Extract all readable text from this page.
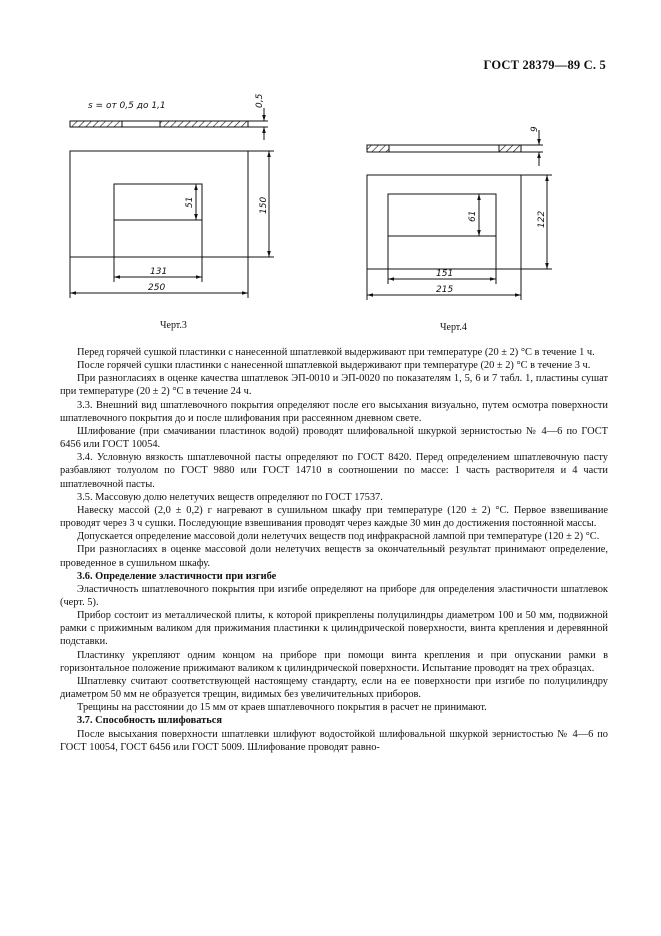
ГОСТ 28379—89 С. 5
s = от 0,5 до 1,1	0,5
51	150
131
250
Черт.3
9
61	122
151
215
Черт.4

Перед горячей сушкой пластинки с нанесенной шпатлевкой выдерживают при температуре (20 ± 2) °С в течение 1 ч.

После горячей сушки пластинки с нанесенной шпатлевкой выдерживают при температуре (20 ± 2) °С в течение 3 ч.

При разногласиях в оценке качества шпатлевок ЭП-0010 и ЭП-0020 по показателям 1, 5, 6 и 7 табл. 1, пластины сушат при температуре (20 ± 2) °С в течение 24 ч.

3.3. Внешний вид шпатлевочного покрытия определяют после его высыхания визуально, путем осмотра поверхности шпатлевочного покрытия до и после шлифования при рассеянном дневном свете.

Шлифование (при смачивании пластинок водой) проводят шлифовальной шкуркой зернистостью № 4—6 по ГОСТ 6456 или ГОСТ 10054.

3.4. Условную вязкость шпатлевочной пасты определяют по ГОСТ 8420. Перед определением шпатлевочную пасту разбавляют толуолом по ГОСТ 9880 или ГОСТ 14710 в соотношении по массе: 1 часть растворителя и 4 части шпатлевочной пасты.

3.5. Массовую долю нелетучих веществ определяют по ГОСТ 17537.

Навеску массой (2,0 ± 0,2) г нагревают в сушильном шкафу при температуре (120 ± 2) °С. Первое взвешивание проводят через 3 ч сушки. Последующие взвешивания проводят через каждые 30 мин до достижения постоянной массы.

Допускается определение массовой доли нелетучих веществ под инфракрасной лампой при температуре (120 ± 2) °С.

При разногласиях в оценке массовой доли нелетучих веществ за окончательный результат принимают определение, проведенное в сушильном шкафу.

3.6. Определение эластичности при изгибе

Эластичность шпатлевочного покрытия при изгибе определяют на приборе для определения эластичности шпатлевок (черт. 5).

Прибор состоит из металлической плиты, к которой прикреплены полуцилиндры диаметром 100 и 50 мм, подвижной рамки с прижимным валиком для прижимания пластинки к цилиндрической поверхности, винта крепления и деревянной подставки.

Пластинку укрепляют одним концом на приборе при помощи винта крепления и при опускании рамки в горизонтальное положение прижимают валиком к цилиндрической поверхности. Испытание проводят на трех образцах.

Шпатлевку считают соответствующей настоящему стандарту, если на ее поверхности при изгибе по полуцилиндру диаметром 50 мм не образуется трещин, видимых без увеличительных приборов.

Трещины на расстоянии до 15 мм от краев шпатлевочного покрытия в расчет не принимают.

3.7. Способность шлифоваться

После высыхания поверхности шпатлевки шлифуют водостойкой шлифовальной шкуркой зернистостью № 4—6 по ГОСТ 10054, ГОСТ 6456 или ГОСТ 5009. Шлифование проводят равно-
